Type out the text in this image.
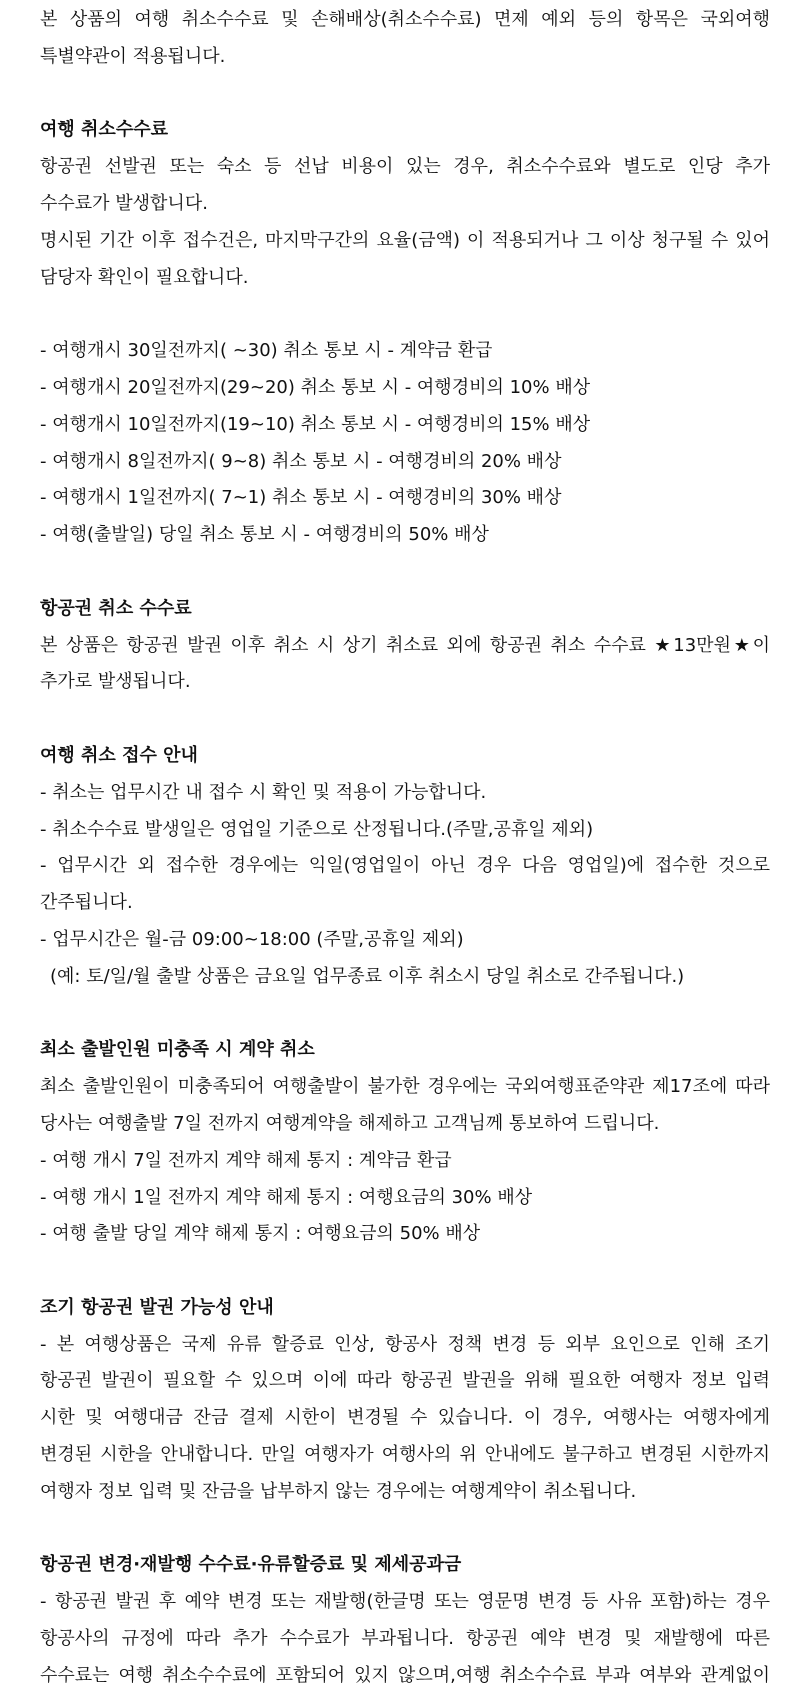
본 상품의 여행 취소수수료 및 손해배상(취소수수료) 면제 예외 등의 항목은 국외여행
특별약관이 적용됩니다.
여행 취소수수료
항공권 선발권 또는 숙소 등 선납 비용이 있는 경우, 취소수수료와 별도로 인당 추가
수수료가 발생합니다.
명시된 기간 이후 접수건은, 마지막구간의 요율(금액) 이 적용되거나 그 이상 청구될 수 있어
담당자 확인이 필요합니다.
- 여행개시 30일전까지( ~30) 취소 통보 시 - 계약금 환급
- 여행개시 20일전까지(29~20) 취소 통보 시 - 여행경비의 10% 배상
- 여행개시 10일전까지(19~10) 취소 통보 시 - 여행경비의 15% 배상
- 여행개시 8일전까지( 9~8) 취소 통보 시 - 여행경비의 20% 배상
- 여행개시 1일전까지( 7~1) 취소 통보 시 - 여행경비의 30% 배상
- 여행(출발일) 당일 취소 통보 시 - 여행경비의 50% 배상
항공권 취소 수수료
본 상품은 항공권 발권 이후 취소 시 상기 취소료 외에 항공권 취소 수수료 ★13만원★이
추가로 발생됩니다.
여행 취소 접수 안내
- 취소는 업무시간 내 접수 시 확인 및 적용이 가능합니다.
- 취소수수료 발생일은 영업일 기준으로 산정됩니다.(주말,공휴일 제외)
- 업무시간 외 접수한 경우에는 익일(영업일이 아닌 경우 다음 영업일)에 접수한 것으로
간주됩니다.
- 업무시간은 월-금 09:00~18:00 (주말,공휴일 제외)
(예: 토/일/월 출발 상품은 금요일 업무종료 이후 취소시 당일 취소로 간주됩니다.)
최소 출발인원 미충족 시 계약 취소
최소 출발인원이 미충족되어 여행출발이 불가한 경우에는 국외여행표준약관 제17조에 따라
당사는 여행출발 7일 전까지 여행계약을 해제하고 고객님께 통보하여 드립니다.
- 여행 개시 7일 전까지 계약 해제 통지 : 계약금 환급
- 여행 개시 1일 전까지 계약 해제 통지 : 여행요금의 30% 배상
- 여행 출발 당일 계약 해제 통지 : 여행요금의 50% 배상
조기 항공권 발권 가능성 안내
- 본 여행상품은 국제 유류 할증료 인상, 항공사 정책 변경 등 외부 요인으로 인해 조기
항공권 발권이 필요할 수 있으며 이에 따라 항공권 발권을 위해 필요한 여행자 정보 입력
시한 및 여행대금 잔금 결제 시한이 변경될 수 있습니다. 이 경우, 여행사는 여행자에게
변경된 시한을 안내합니다. 만일 여행자가 여행사의 위 안내에도 불구하고 변경된 시한까지
여행자 정보 입력 및 잔금을 납부하지 않는 경우에는 여행계약이 취소됩니다.
항공권 변경·재발행 수수료·유류할증료 및 제세공과금
- 항공권 발권 후 예약 변경 또는 재발행(한글명 또는 영문명 변경 등 사유 포함)하는 경우
항공사의 규정에 따라 추가 수수료가 부과됩니다. 항공권 예약 변경 및 재발행에 따른
수수료는 여행 취소수수료에 포함되어 있지 않으며,여행 취소수수료 부과 여부와 관계없이
